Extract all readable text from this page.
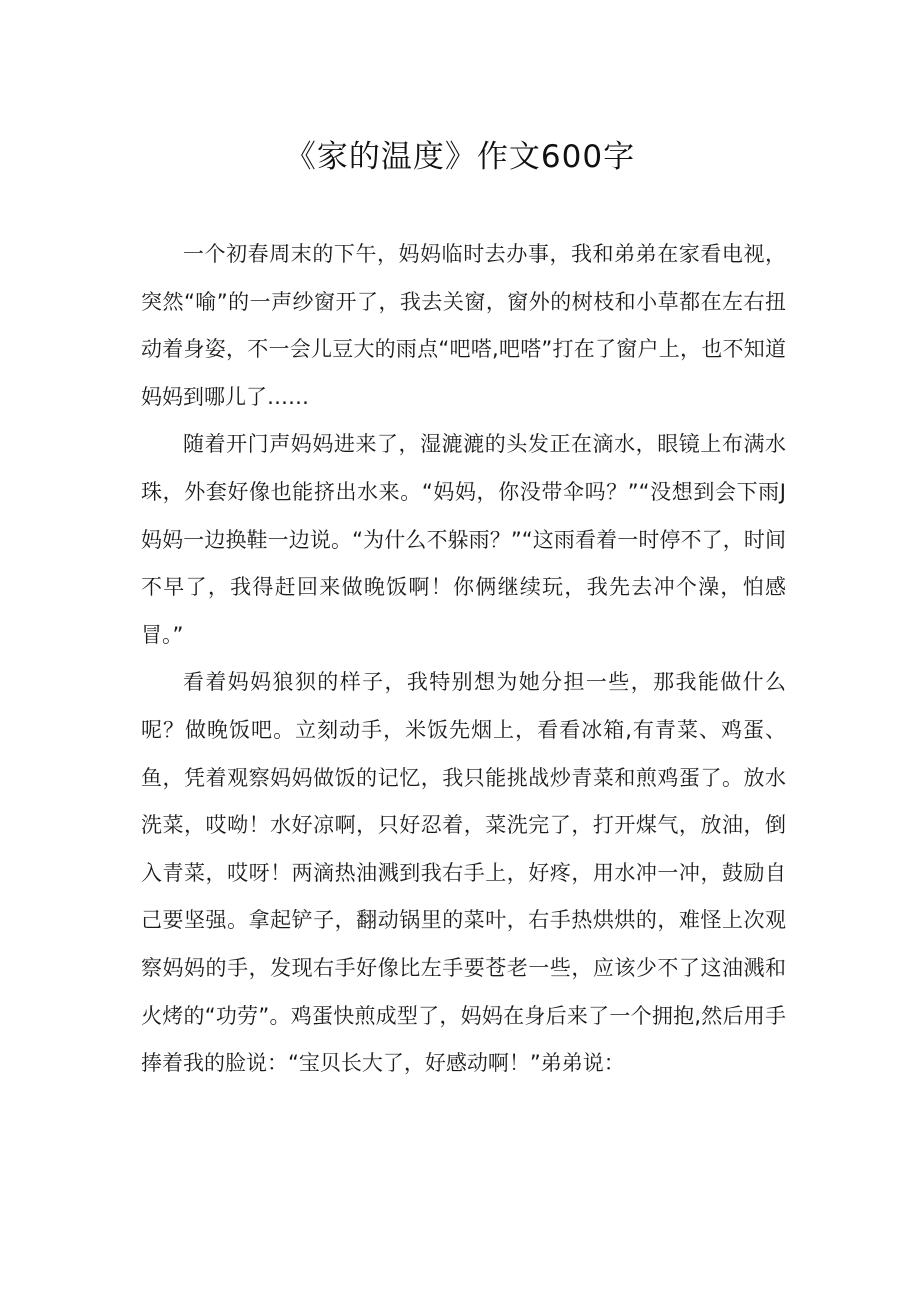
《家的温度》作文600字

一个初春周末的下午，妈妈临时去办事，我和弟弟在家看电视，突然“喻”的一声纱窗开了，我去关窗，窗外的树枝和小草都在左右扭动着身姿，不一会儿豆大的雨点“吧嗒,吧嗒”打在了窗户上，也不知道妈妈到哪儿了……

随着开门声妈妈进来了，湿漉漉的头发正在滴水，眼镜上布满水珠，外套好像也能挤出水来。“妈妈，你没带伞吗？”“没想到会下雨J妈妈一边换鞋一边说。“为什么不躲雨？”“这雨看着一时停不了，时间不早了，我得赶回来做晚饭啊！你俩继续玩，我先去冲个澡，怕感冒。”

看着妈妈狼狈的样子，我特别想为她分担一些，那我能做什么呢？做晚饭吧。立刻动手，米饭先烟上，看看冰箱,有青菜、鸡蛋、鱼，凭着观察妈妈做饭的记忆，我只能挑战炒青菜和煎鸡蛋了。放水洗菜，哎呦！水好凉啊，只好忍着，菜洗完了，打开煤气，放油，倒入青菜，哎呀！两滴热油溅到我右手上，好疼，用水冲一冲，鼓励自己要坚强。拿起铲子，翻动锅里的菜叶，右手热烘烘的，难怪上次观察妈妈的手，发现右手好像比左手要苍老一些，应该少不了这油溅和火烤的“功劳”。鸡蛋快煎成型了，妈妈在身后来了一个拥抱,然后用手捧着我的脸说：“宝贝长大了，好感动啊！”弟弟说：
